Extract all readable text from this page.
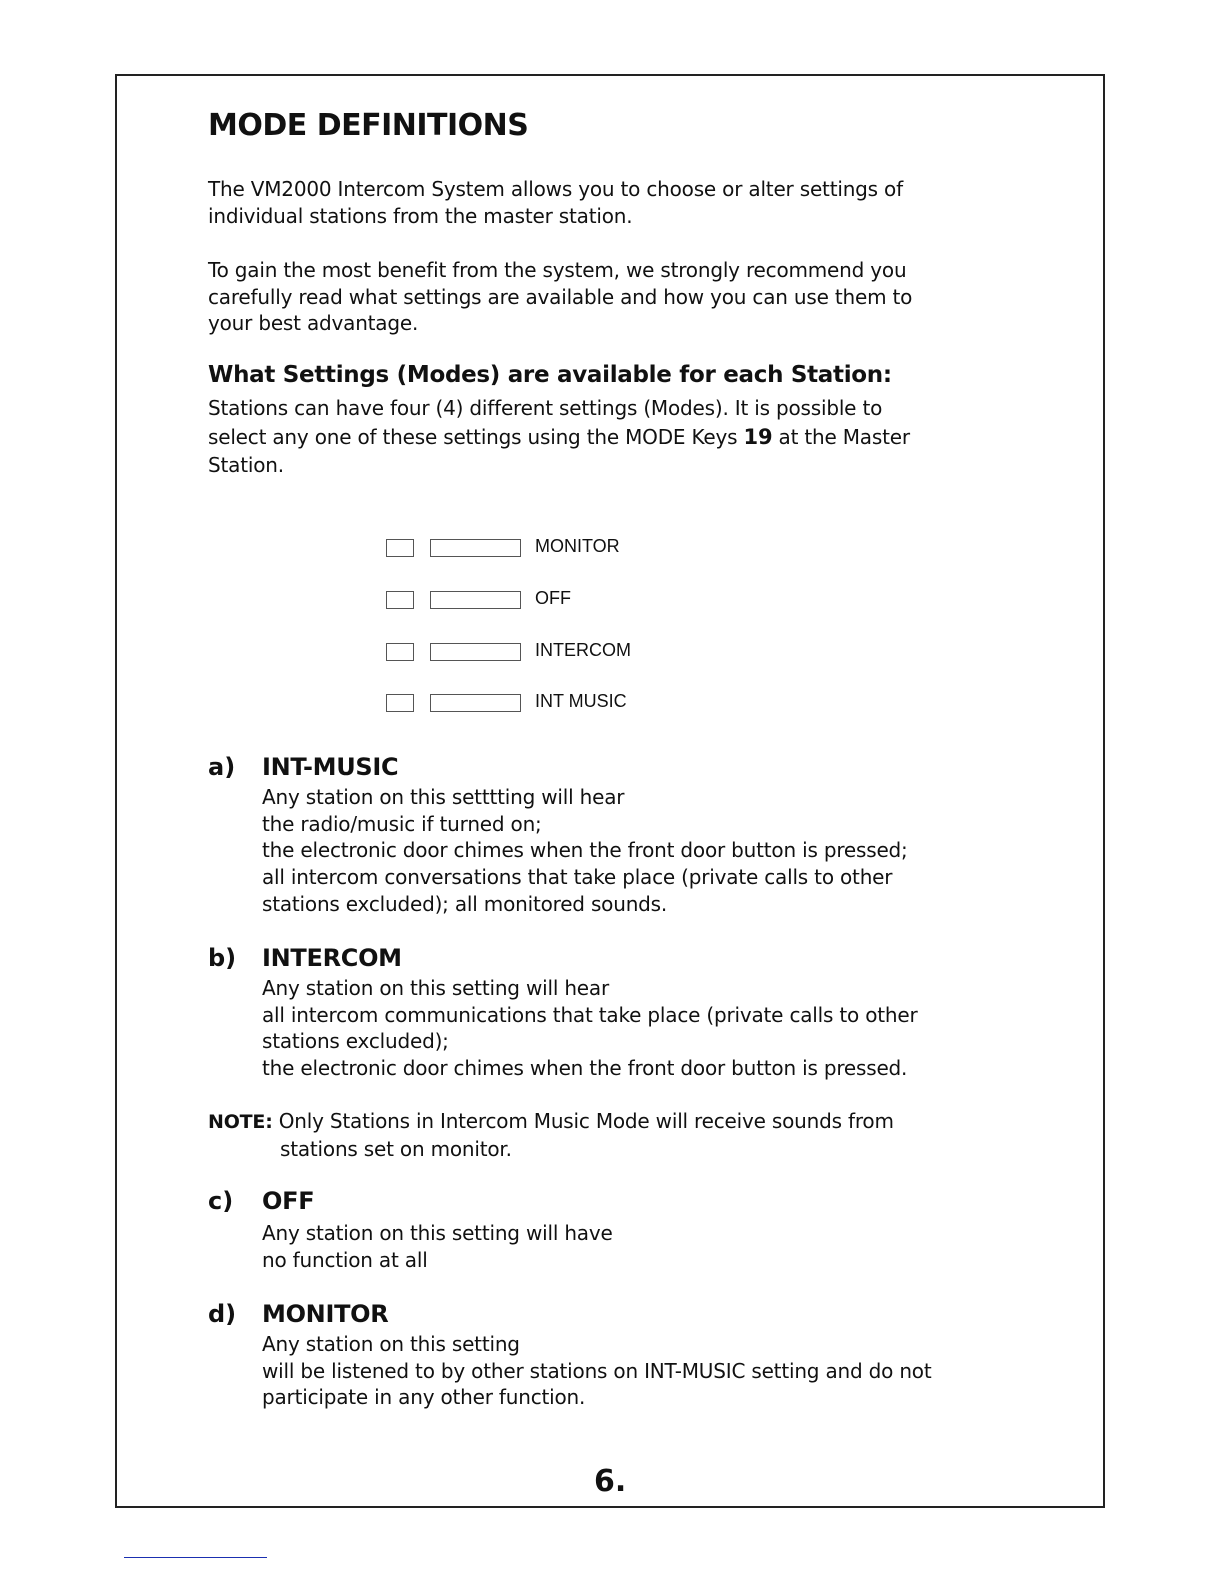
MODE DEFINITIONS
The VM2000 Intercom System allows you to choose or alter settings of
individual stations from the master station.
To gain the most benefit from the system, we strongly recommend you
carefully read what settings are available and how you can use them to
your best advantage.
What Settings (Modes) are available for each Station:
Stations can have four (4) different settings (Modes). It is possible to
select any one of these settings using the MODE Keys 19 at the Master
Station.
MONITOR
OFF
INTERCOM
INT MUSIC
a) INT-MUSIC
Any station on this setttting will hear
the radio/music if turned on;
the electronic door chimes when the front door button is pressed;
all intercom conversations that take place (private calls to other
stations excluded); all monitored sounds.
b) INTERCOM
Any station on this setting will hear
all intercom communications that take place (private calls to other
stations excluded);
the electronic door chimes when the front door button is pressed.
NOTE: Only Stations in Intercom Music Mode will receive sounds from
stations set on monitor.
c) OFF
Any station on this setting will have
no function at all
d) MONITOR
Any station on this setting
will be listened to by other stations on INT-MUSIC setting and do not
participate in any other function.
6.
